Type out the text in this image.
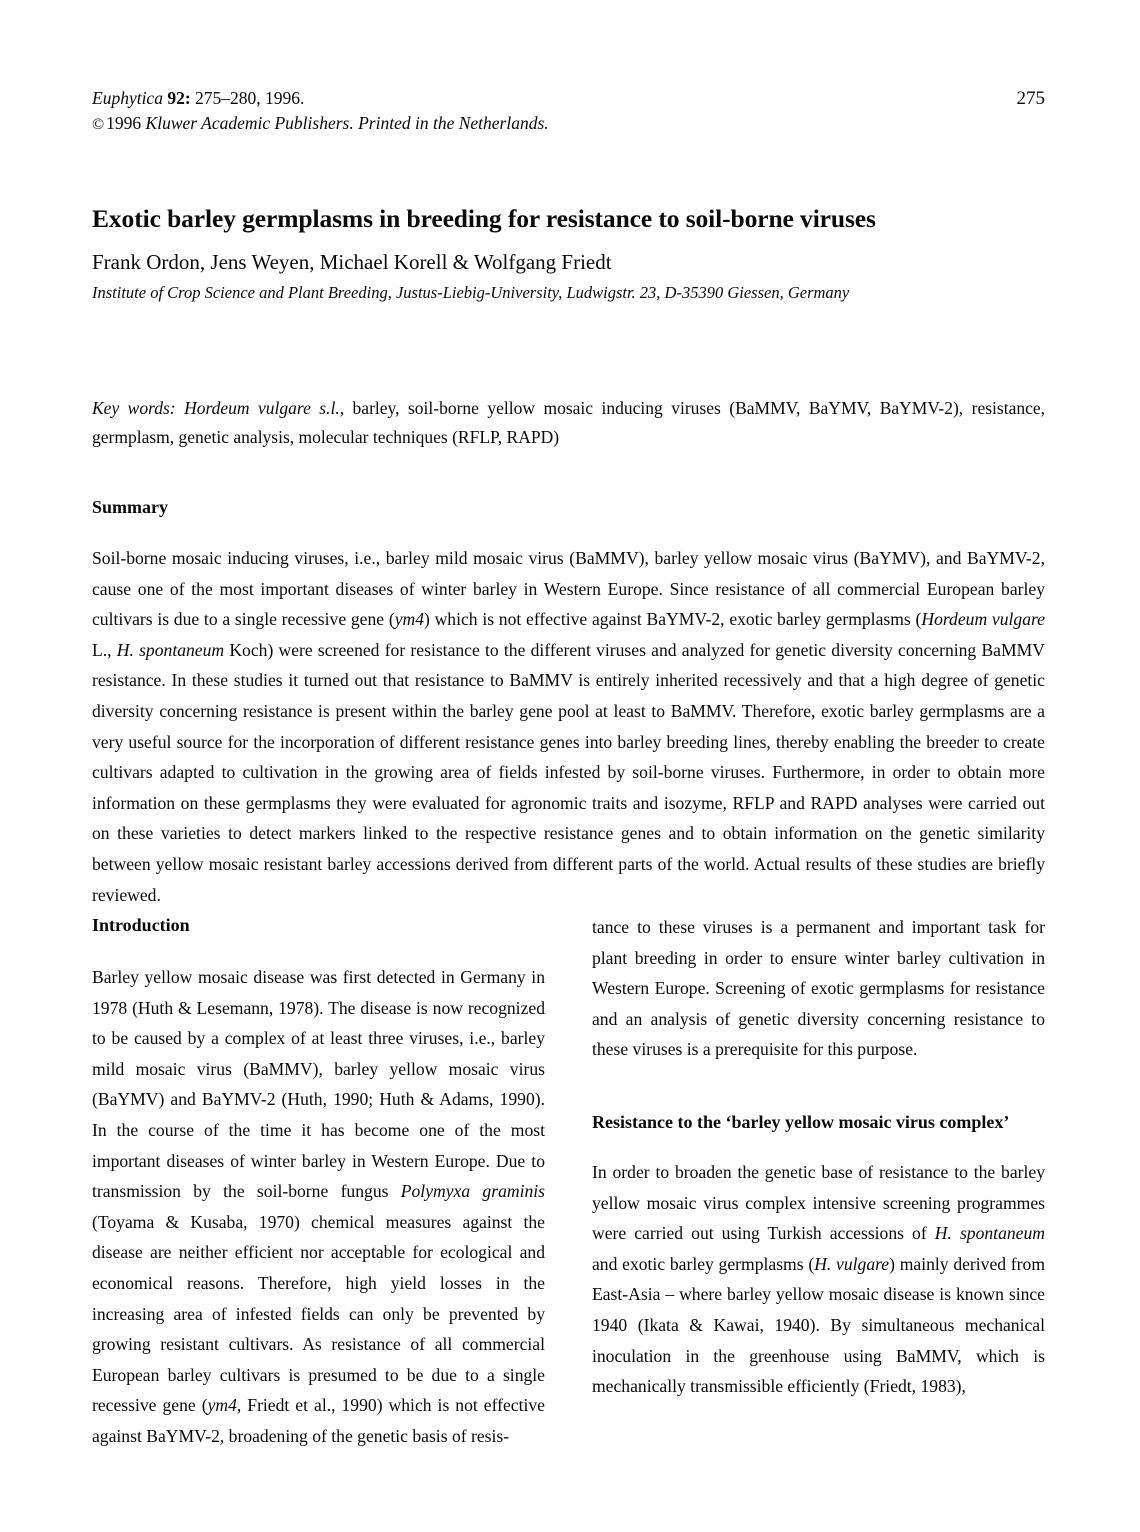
Euphytica 92: 275–280, 1996.
© 1996 Kluwer Academic Publishers. Printed in the Netherlands.
275
Exotic barley germplasms in breeding for resistance to soil-borne viruses
Frank Ordon, Jens Weyen, Michael Korell & Wolfgang Friedt
Institute of Crop Science and Plant Breeding, Justus-Liebig-University, Ludwigstr. 23, D-35390 Giessen, Germany
Key words: Hordeum vulgare s.l., barley, soil-borne yellow mosaic inducing viruses (BaMMV, BaYMV, BaYMV-2), resistance, germplasm, genetic analysis, molecular techniques (RFLP, RAPD)
Summary
Soil-borne mosaic inducing viruses, i.e., barley mild mosaic virus (BaMMV), barley yellow mosaic virus (BaYMV), and BaYMV-2, cause one of the most important diseases of winter barley in Western Europe. Since resistance of all commercial European barley cultivars is due to a single recessive gene (ym4) which is not effective against BaYMV-2, exotic barley germplasms (Hordeum vulgare L., H. spontaneum Koch) were screened for resistance to the different viruses and analyzed for genetic diversity concerning BaMMV resistance. In these studies it turned out that resistance to BaMMV is entirely inherited recessively and that a high degree of genetic diversity concerning resistance is present within the barley gene pool at least to BaMMV. Therefore, exotic barley germplasms are a very useful source for the incorporation of different resistance genes into barley breeding lines, thereby enabling the breeder to create cultivars adapted to cultivation in the growing area of fields infested by soil-borne viruses. Furthermore, in order to obtain more information on these germplasms they were evaluated for agronomic traits and isozyme, RFLP and RAPD analyses were carried out on these varieties to detect markers linked to the respective resistance genes and to obtain information on the genetic similarity between yellow mosaic resistant barley accessions derived from different parts of the world. Actual results of these studies are briefly reviewed.
Introduction

Barley yellow mosaic disease was first detected in Germany in 1978 (Huth & Lesemann, 1978). The disease is now recognized to be caused by a complex of at least three viruses, i.e., barley mild mosaic virus (BaMMV), barley yellow mosaic virus (BaYMV) and BaYMV-2 (Huth, 1990; Huth & Adams, 1990). In the course of the time it has become one of the most important diseases of winter barley in Western Europe. Due to transmission by the soil-borne fungus Polymyxa graminis (Toyama & Kusaba, 1970) chemical measures against the disease are neither efficient nor acceptable for ecological and economical reasons. Therefore, high yield losses in the increasing area of infested fields can only be prevented by growing resistant cultivars. As resistance of all commercial European barley cultivars is presumed to be due to a single recessive gene (ym4, Friedt et al., 1990) which is not effective against BaYMV-2, broadening of the genetic basis of resis-

tance to these viruses is a permanent and important task for plant breeding in order to ensure winter barley cultivation in Western Europe. Screening of exotic germplasms for resistance and an analysis of genetic diversity concerning resistance to these viruses is a prerequisite for this purpose.

Resistance to the ‘barley yellow mosaic virus complex’

In order to broaden the genetic base of resistance to the barley yellow mosaic virus complex intensive screening programmes were carried out using Turkish accessions of H. spontaneum and exotic barley germplasms (H. vulgare) mainly derived from East-Asia – where barley yellow mosaic disease is known since 1940 (Ikata & Kawai, 1940). By simultaneous mechanical inoculation in the greenhouse using BaMMV, which is mechanically transmissible efficiently (Friedt, 1983),
